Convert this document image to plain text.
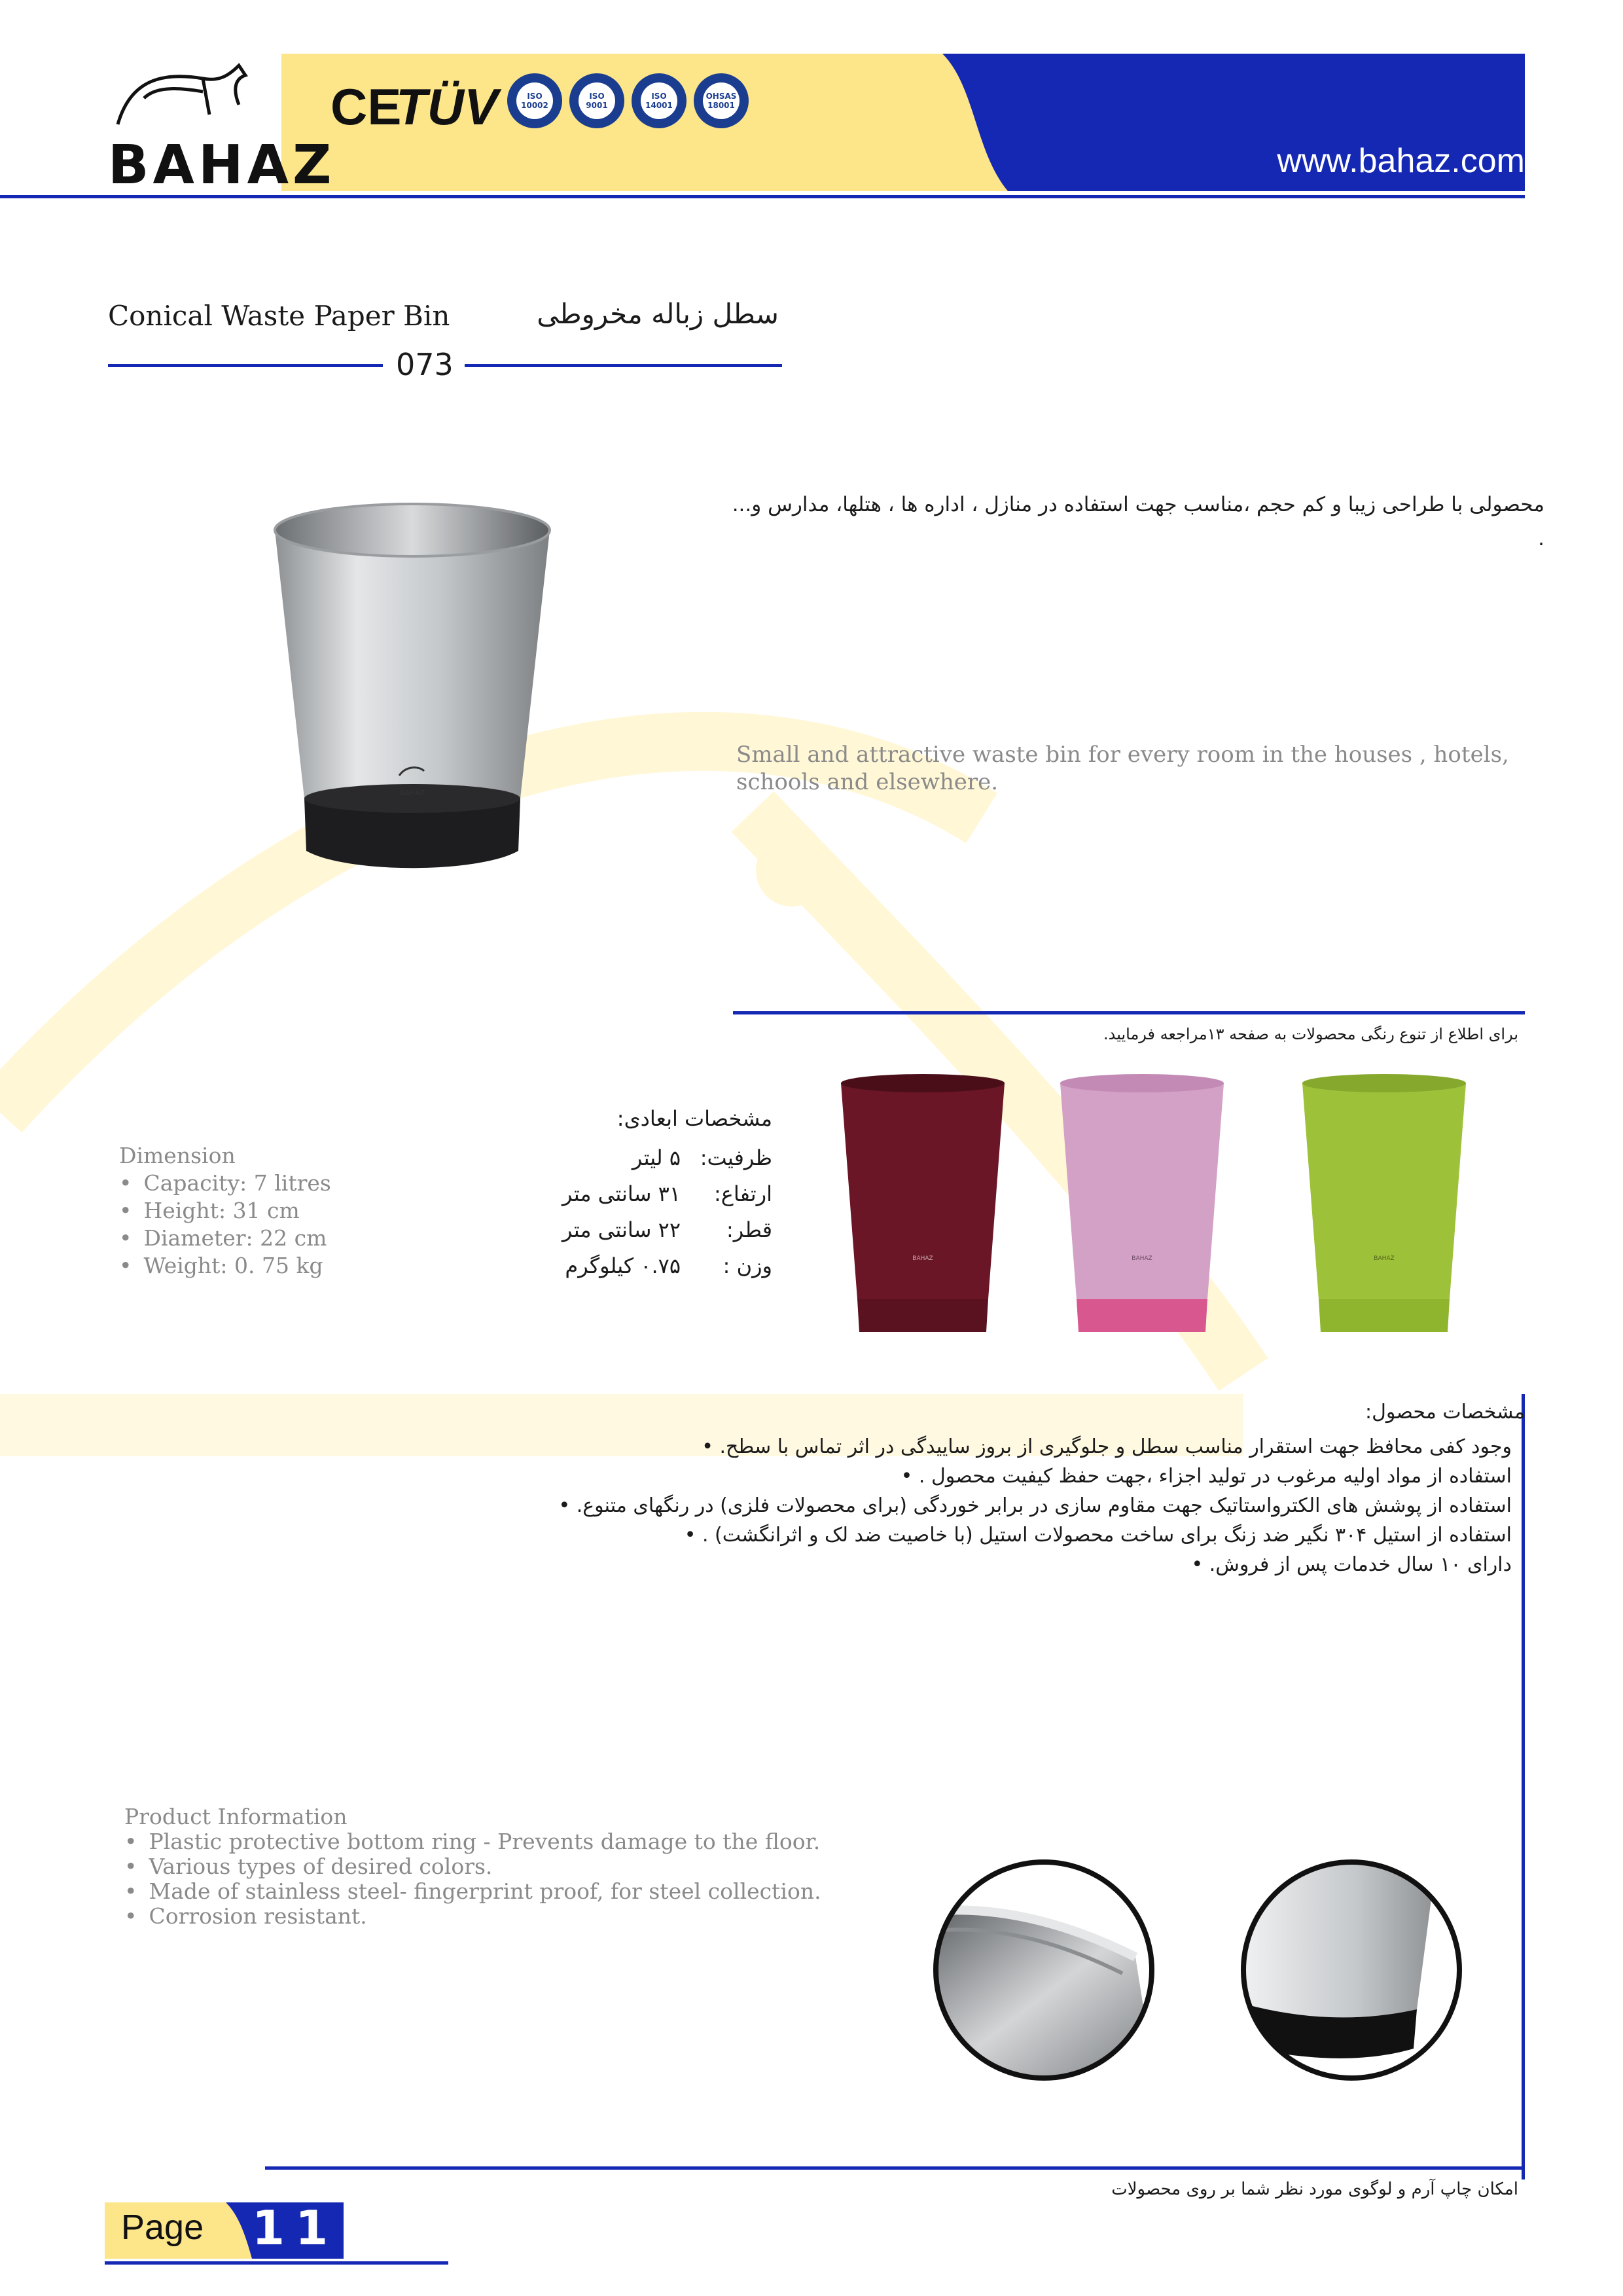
BAHAZ
CE
TÜV	ISO
10002
ISO
9001
ISO
14001
OHSAS
18001
www.bahaz.com
Conical Waste Paper Bin	سطل زباله مخروطی
073
BAHAZ
محصولی با طراحی زیبا و کم حجم ،مناسب جهت استفاده در منازل ، اداره ها ، هتلها، مدارس و...
.
Small and attractive waste bin for every room in the houses , hotels, schools and elsewhere.
برای اطلاع از تنوع رنگی محصولات به صفحه ۱۳مراجعه فرمایید.
BAHAZ	BAHAZ	BAHAZ
مشخصات ابعادی:
ظرفیت:
۵ لیتر
ارتفاع:
۳۱ سانتی متر
قطر:
۲۲ سانتی متر
وزن :
۰.۷۵ کیلوگرم
Dimension
• Capacity: 7 litres
• Height: 31 cm
• Diameter: 22 cm
• Weight: 0. 75 kg
مشخصات محصول:
وجود کفی محافظ جهت استقرار مناسب سطل و جلوگیری از بروز ساییدگی در اثر تماس با سطح. •
استفاده از مواد اولیه مرغوب در تولید اجزاء ،جهت حفظ کیفیت محصول . •
استفاده از پوشش های الکترواستاتیک جهت مقاوم سازی در برابر خوردگی (برای محصولات فلزی) در رنگهای متنوع. •
استفاده از استیل ۳۰۴ نگیر ضد زنگ برای ساخت محصولات استیل (با خاصیت ضد لک و اثرانگشت) . •
دارای ۱۰ سال خدمات پس از فروش. •
Product Information
• Plastic protective bottom ring - Prevents damage to the floor.
• Various types of desired colors.
• Made of stainless steel- fingerprint proof, for steel collection.
• Corrosion resistant.
امکان چاپ آرم و لوگوی مورد نظر شما بر روی محصولات
Page 11
